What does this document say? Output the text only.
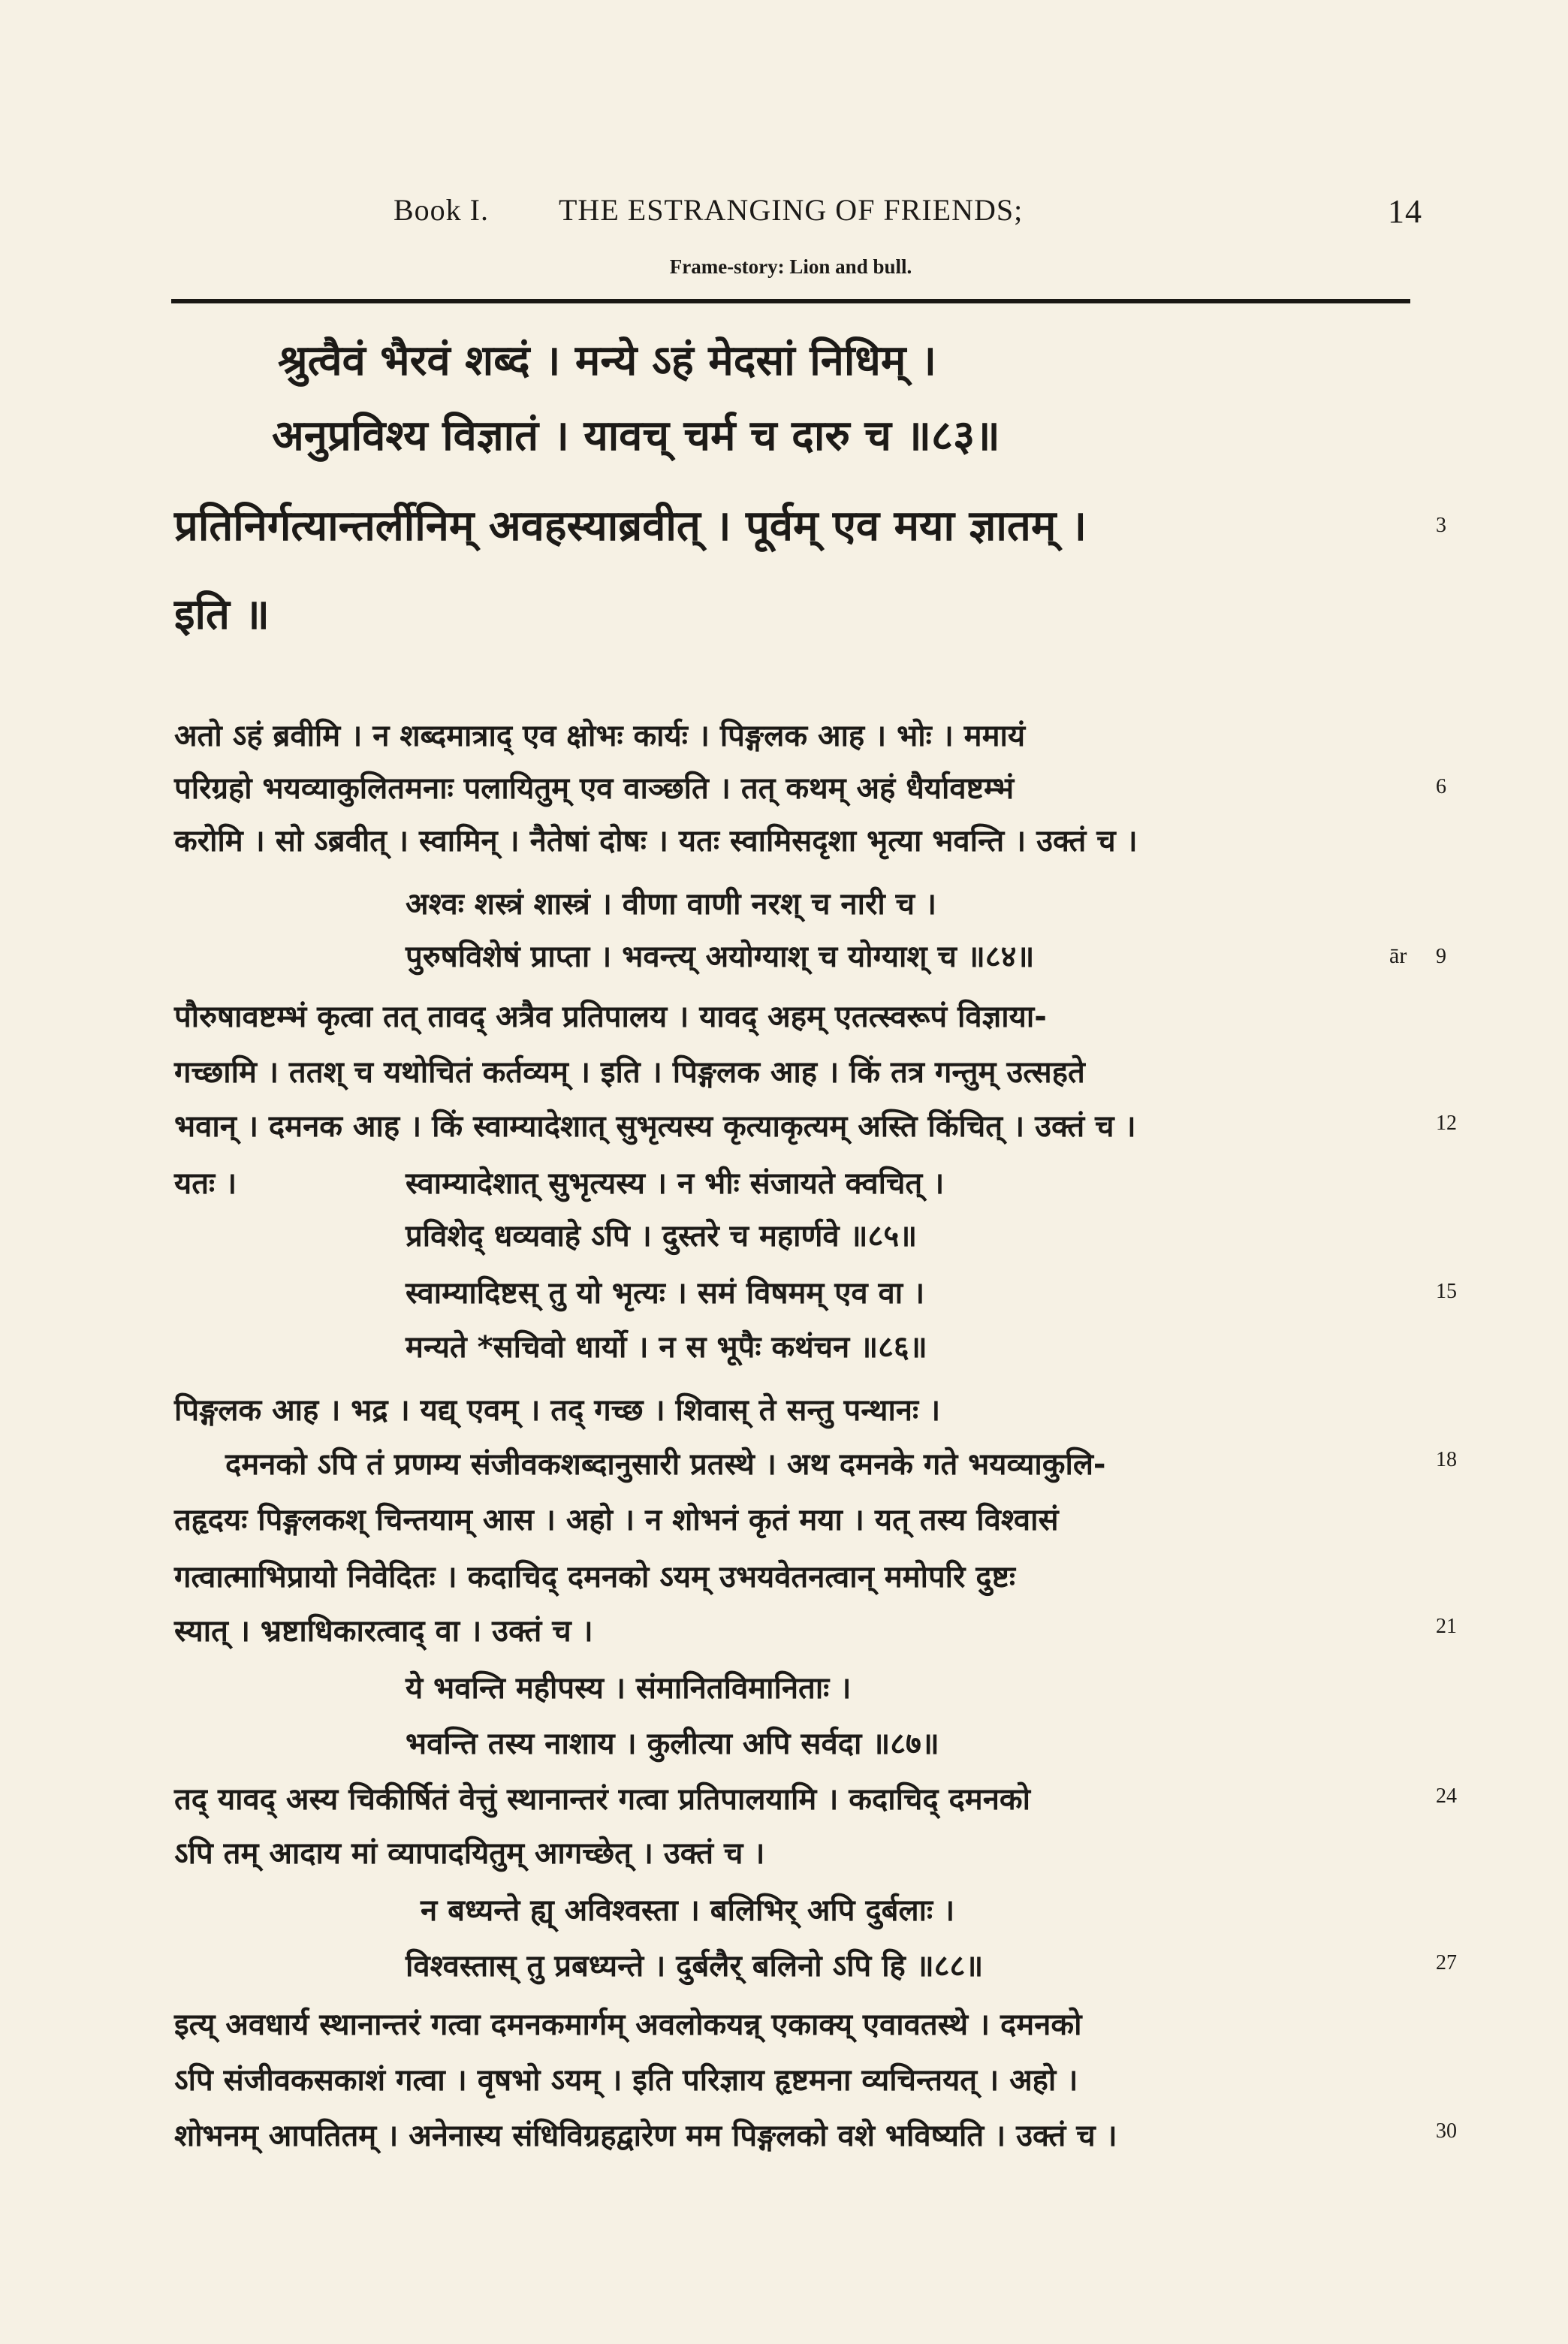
Book I. THE ESTRANGING OF FRIENDS;	14
Frame-story: Lion and bull.
श्रुत्वैवं भैरवं शब्दं । मन्ये ऽहं मेदसां निधिम् ।
अनुप्रविश्य विज्ञातं । यावच् चर्म च दारु च ॥८३॥
प्रतिनिर्गत्यान्तर्लीनिम् अवहस्याब्रवीत् । पूर्वम् एव मया ज्ञातम् ।	3
इति ॥
अतो ऽहं ब्रवीमि । न शब्दमात्राद् एव क्षोभः कार्यः । पिङ्गलक आह । भोः । ममायं
परिग्रहो भयव्याकुलितमनाः पलायितुम् एव वाञ्छति । तत् कथम् अहं धैर्यावष्टम्भं	6
करोमि । सो ऽब्रवीत् । स्वामिन् । नैतेषां दोषः । यतः स्वामिसदृशा भृत्या भवन्ति । उक्तं च ।
अश्वः शस्त्रं शास्त्रं । वीणा वाणी नरश् च नारी च ।
पुरुषविशेषं प्राप्ता । भवन्त्य् अयोग्याश् च योग्याश् च ॥८४॥	ār 9
पौरुषावष्टम्भं कृत्वा तत् तावद् अत्रैव प्रतिपालय । यावद् अहम् एतत्स्वरूपं विज्ञाया-
गच्छामि । ततश् च यथोचितं कर्तव्यम् । इति । पिङ्गलक आह । किं तत्र गन्तुम् उत्सहते
भवान् । दमनक आह । किं स्वाम्यादेशात् सुभृत्यस्य कृत्याकृत्यम् अस्ति किंचित् । उक्तं च ।	12
यतः ।	स्वाम्यादेशात् सुभृत्यस्य । न भीः संजायते क्वचित् ।
प्रविशेद् धव्यवाहे ऽपि । दुस्तरे च महार्णवे ॥८५॥
स्वाम्यादिष्टस् तु यो भृत्यः । समं विषमम् एव वा ।	15
मन्यते *सचिवो धार्यो । न स भूपैः कथंचन ॥८६॥
पिङ्गलक आह । भद्र । यद्य् एवम् । तद् गच्छ । शिवास् ते सन्तु पन्थानः ।
दमनको ऽपि तं प्रणम्य संजीवकशब्दानुसारी प्रतस्थे । अथ दमनके गते भयव्याकुलि-	18
तहृदयः पिङ्गलकश् चिन्तयाम् आस । अहो । न शोभनं कृतं मया । यत् तस्य विश्वासं
गत्वात्माभिप्रायो निवेदितः । कदाचिद् दमनको ऽयम् उभयवेतनत्वान् ममोपरि दुष्टः
स्यात् । भ्रष्टाधिकारत्वाद् वा । उक्तं च ।	21
ये भवन्ति महीपस्य । संमानितविमानिताः ।
भवन्ति तस्य नाशाय । कुलीत्या अपि सर्वदा ॥८७॥
तद् यावद् अस्य चिकीर्षितं वेत्तुं स्थानान्तरं गत्वा प्रतिपालयामि । कदाचिद् दमनको	24
ऽपि तम् आदाय मां व्यापादयितुम् आगच्छेत् । उक्तं च ।
न बध्यन्ते ह्य् अविश्वस्ता । बलिभिर् अपि दुर्बलाः ।
विश्वस्तास् तु प्रबध्यन्ते । दुर्बलैर् बलिनो ऽपि हि ॥८८॥	27
इत्य् अवधार्य स्थानान्तरं गत्वा दमनकमार्गम् अवलोकयन्न् एकाक्य् एवावतस्थे । दमनको
ऽपि संजीवकसकाशं गत्वा । वृषभो ऽयम् । इति परिज्ञाय हृष्टमना व्यचिन्तयत् । अहो ।
शोभनम् आपतितम् । अनेनास्य संधिविग्रहद्वारेण मम पिङ्गलको वशे भविष्यति । उक्तं च ।	30
